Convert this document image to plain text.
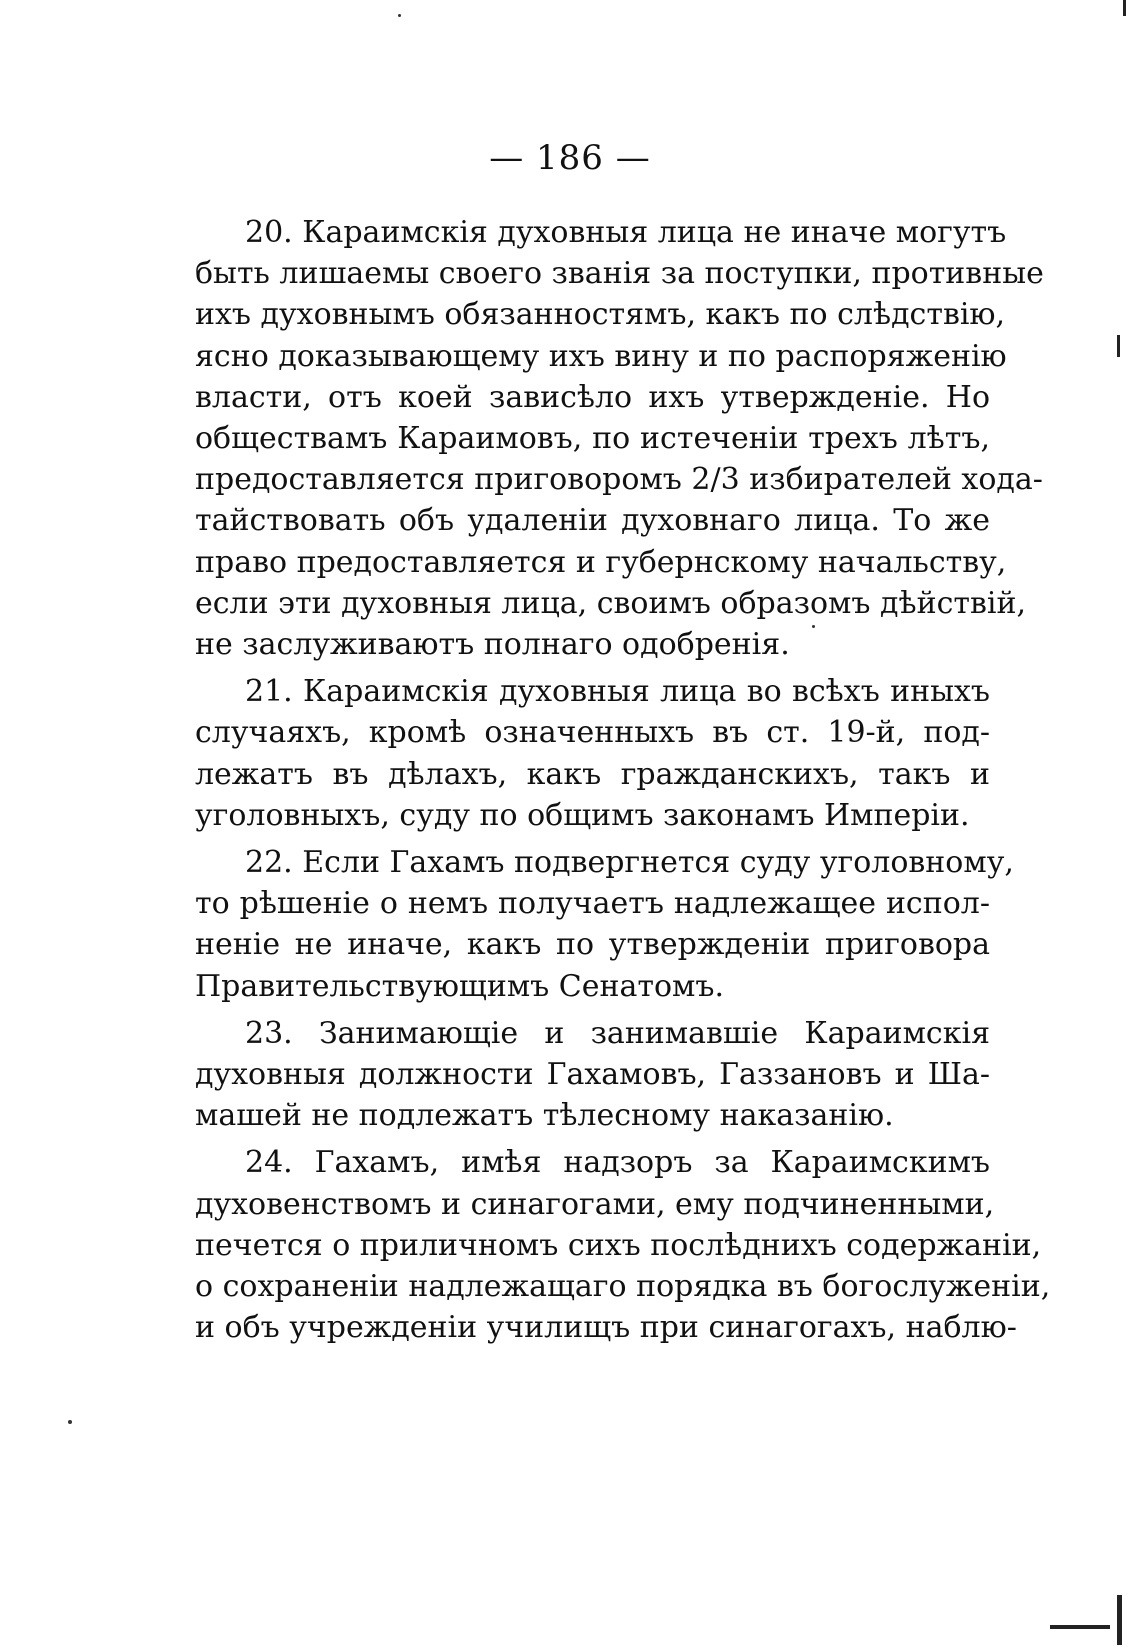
— 186 —
20. Караимскія духовныя лица не иначе могутъ
быть лишаемы своего званія за поступки, противные
ихъ духовнымъ обязанностямъ, какъ по слѣдствію,
ясно доказывающему ихъ вину и по распоряженію
власти, отъ коей зависѣло ихъ утвержденіе. Но
обществамъ Караимовъ, по истеченіи трехъ лѣтъ,
предоставляется приговоромъ 2/3 избирателей хода-
тайствовать объ удаленіи духовнаго лица. То же
право предоставляется и губернскому начальству,
если эти духовныя лица, своимъ образомъ дѣйствій,
не заслуживаютъ полнаго одобренія.
21. Караимскія духовныя лица во всѣхъ иныхъ
случаяхъ, кромѣ означенныхъ въ ст. 19-й, под-
лежатъ въ дѣлахъ, какъ гражданскихъ, такъ и
уголовныхъ, суду по общимъ законамъ Имперіи.
22. Если Гахамъ подвергнется суду уголовному,
то рѣшеніе о немъ получаетъ надлежащее испол-
неніе не иначе, какъ по утвержденіи приговора
Правительствующимъ Сенатомъ.
23. Занимающіе и занимавшіе Караимскія
духовныя должности Гахамовъ, Газзановъ и Ша-
машей не подлежатъ тѣлесному наказанію.
24. Гахамъ, имѣя надзоръ за Караимскимъ
духовенствомъ и синагогами, ему подчиненными,
печется о приличномъ сихъ послѣднихъ содержаніи,
о сохраненіи надлежащаго порядка въ богослуженіи,
и объ учрежденіи училищъ при синагогахъ, наблю-
